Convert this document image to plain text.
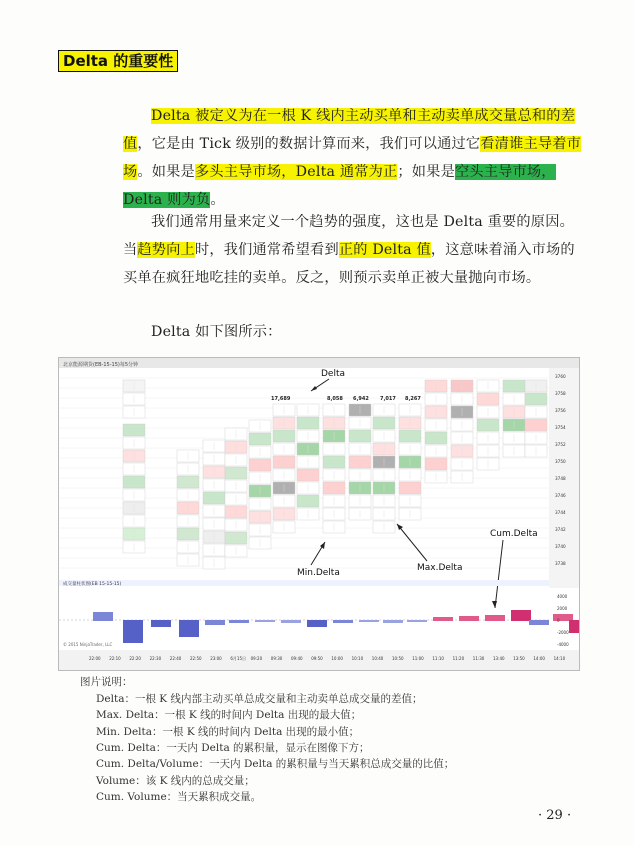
Delta 的重要性
Delta 被定义为在一根 K 线内主动买单和主动卖单成交量总和的差值，它是由 Tick 级别的数据计算而来，我们可以通过它看清谁主导着市场。如果是多头主导市场，Delta 通常为正；如果是空头主导市场，Delta 则为负。
我们通常用量来定义一个趋势的强度，这也是 Delta 重要的原因。当趋势向上时，我们通常希望看到正的 Delta 值，这意味着涌入市场的买单在疯狂地吃挂的卖单。反之，则预示卖单正被大量抛向市场。
Delta 如下图所示：
北京能源期货(EB-15-15)每5分钟
17,689	8,058 6,942 7,017 8,267
3760
3758
3756
3754
3752
3750
3748
3746
3744
3742
3740
3738
Delta
Cum.Delta
Max.Delta
Min.Delta
成交量柱状图(EB 15-15-15)
4000
2000
0
-2000
-4000
© 2015 NinjaTrader, LLC
22:00 22:10 22:20 22:30 22:40 22:50 23:00 6月15日 09:20 09:30 09:40 09:50 10:00 10:10 10:40 10:50 11:00 11:10 11:20 11:30 13:40 13:50 14:00 14:10
图片说明：
Delta：一根 K 线内部主动买单总成交量和主动卖单总成交量的差值；
Max. Delta：一根 K 线的时间内 Delta 出现的最大值；
Min. Delta：一根 K 线的时间内 Delta 出现的最小值；
Cum. Delta：一天内 Delta 的累积量，显示在图像下方；
Cum. Delta/Volume：一天内 Delta 的累积量与当天累积总成交量的比值；
Volume：该 K 线内的总成交量；
Cum. Volume：当天累积成交量。
· 29 ·
